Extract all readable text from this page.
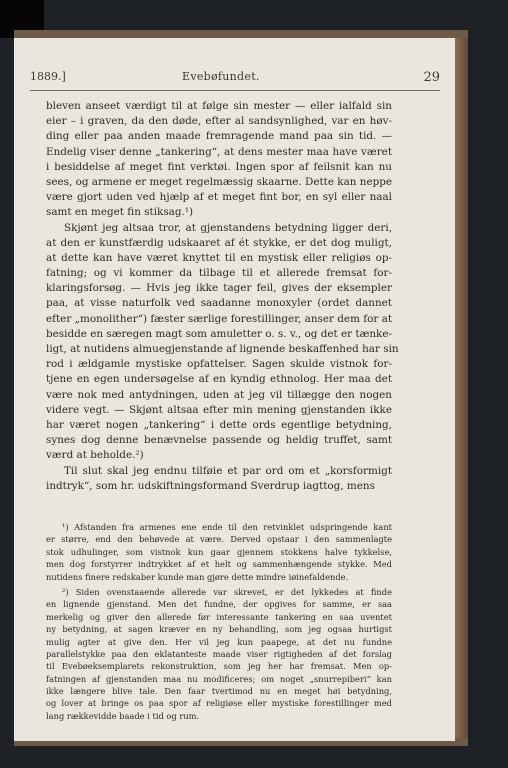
1889.]	Evebøfundet.	29
bleven anseet værdigt til at følge sin mester — eller ialfald sin
eier – i graven, da den døde, efter al sandsynlighed, var en høv-
ding eller paa anden maade fremragende mand paa sin tid. —
Endelig viser denne „tankering“, at dens mester maa have været
i besiddelse af meget fint verktøi. Ingen spor af feilsnit kan nu
sees, og armene er meget regelmæssig skaarne. Dette kan neppe
være gjort uden ved hjælp af et meget fint bor, en syl eller naal
samt en meget fin stiksag.¹)
Skjønt jeg altsaa tror, at gjenstandens betydning ligger deri,
at den er kunstfærdig udskaaret af ét stykke, er det dog muligt,
at dette kan have været knyttet til en mystisk eller religiøs op-
fatning; og vi kommer da tilbage til et allerede fremsat for-
klaringsforsøg. — Hvis jeg ikke tager feil, gives der eksempler
paa, at visse naturfolk ved saadanne monoxyler (ordet dannet
efter „monolither“) fæster særlige forestillinger, anser dem for at
besidde en særegen magt som amuletter o. s. v., og det er tænke-
ligt, at nutidens almuegjenstande af lignende beskaffenhed har sin
rod i ældgamle mystiske opfattelser. Sagen skulde vistnok for-
tjene en egen undersøgelse af en kyndig ethnolog. Her maa det
være nok med antydningen, uden at jeg vil tillægge den nogen
videre vegt. — Skjønt altsaa efter min mening gjenstanden ikke
har været nogen „tankering“ i dette ords egentlige betydning,
synes dog denne benævnelse passende og heldig truffet, samt
værd at beholde.²)
Til slut skal jeg endnu tilføie et par ord om et „korsformigt
indtryk“, som hr. udskiftningsformand Sverdrup iagttog, mens
¹) Afstanden fra armenes ene ende til den retvinklet udspringende kant
er større, end den behøvede at være. Derved opstaar i den sammenlagte
stok udhulinger, som vistnok kun gaar gjennem stokkens halve tykkelse,
men dog forstyrrer indtrykket af et helt og sammenhængende stykke. Med
nutidens finere redskaber kunde man gjøre dette mindre iøinefaldende.
²) Siden ovenstaaende allerede var skrevet, er det lykkedes at finde
en lignende gjenstand. Men det fundne, der opgives for samme, er saa
merkelig og giver den allerede før interessante tankering en saa uventet
ny betydning, at sagen kræver en ny behandling, som jeg ogsaa hurtigst
mulig agter at give den. Her vil jeg kun paapege, at det nu fundne
parallelstykke paa den eklatanteste maade viser rigtigheden af det forslag
til Evebøeksemplarets rekonstruktion, som jeg her har fremsat. Men op-
fatningen af gjenstanden maa nu modificeres; om noget „snurrepiberi“ kan
ikke længere blive tale. Den faar tvertimod nu en meget høi betydning,
og lover at bringe os paa spor af religiøse eller mystiske forestillinger med
lang rækkevidde baade i tid og rum.
